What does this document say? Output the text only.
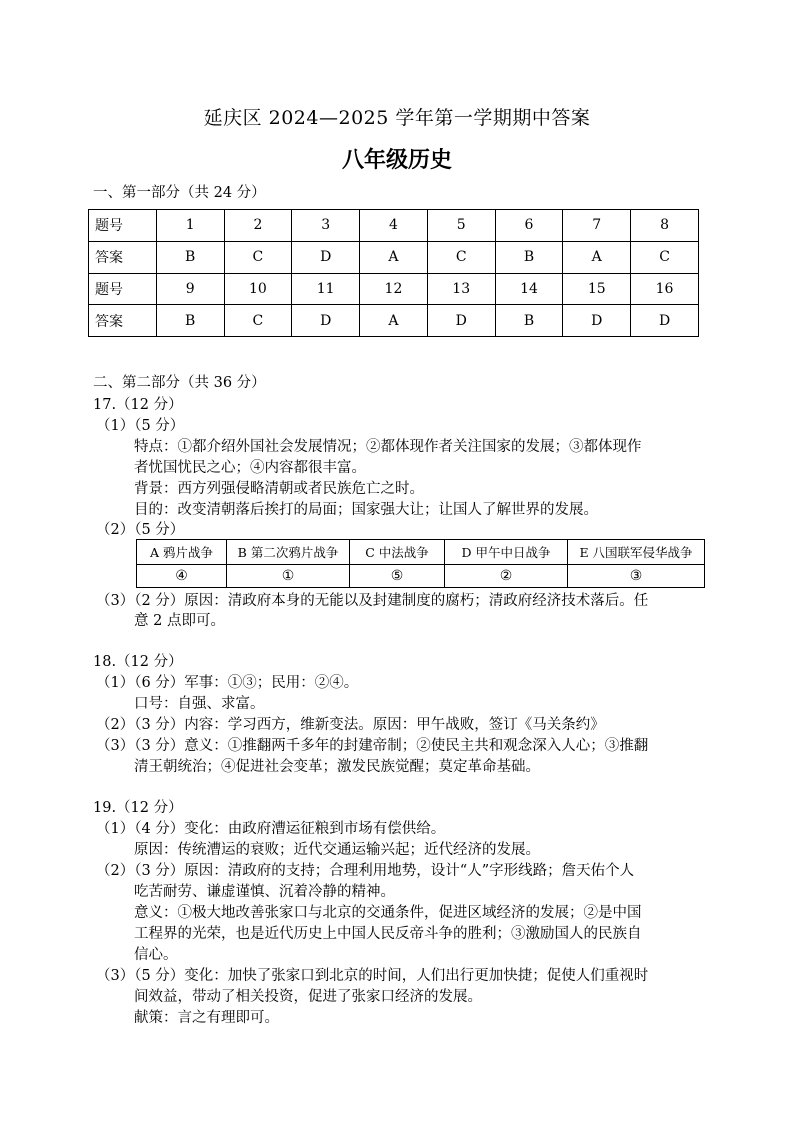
延庆区 2024—2025 学年第一学期期中答案
八年级历史
一、第一部分（共 24 分）
题号	1	2	3	4	5	6	7	8
答案	B	C	D	A	C	B	A	C
题号	9	10	11	12	13	14	15	16
答案	B	C	D	A	D	B	D	D
二、第二部分（共 36 分）
17.（12 分）
（1）（5 分）
特点：①都介绍外国社会发展情况；②都体现作者关注国家的发展；③都体现作
者忧国忧民之心；④内容都很丰富。
背景：西方列强侵略清朝或者民族危亡之时。
目的：改变清朝落后挨打的局面；国家强大让；让国人了解世界的发展。
（2）（5 分）
A 鸦片战争	B 第二次鸦片战争	C 中法战争	D 甲午中日战争	E 八国联军侵华战争
④	①	⑤	②	③
（3）（2 分）原因：清政府本身的无能以及封建制度的腐朽；清政府经济技术落后。任
意 2 点即可。
18.（12 分）
（1）（6 分）军事：①③；民用：②④。
口号：自强、求富。
（2）（3 分）内容：学习西方，维新变法。原因：甲午战败，签订《马关条约》
（3）（3 分）意义：①推翻两千多年的封建帝制；②使民主共和观念深入人心；③推翻
清王朝统治；④促进社会变革；激发民族觉醒；莫定革命基础。
19.（12 分）
（1）（4 分）变化：由政府漕运征粮到市场有偿供给。
原因：传统漕运的衰败；近代交通运输兴起；近代经济的发展。
（2）（3 分）原因：清政府的支持；合理利用地势，设计“人”字形线路；詹天佑个人
吃苦耐劳、谦虚谨慎、沉着冷静的精神。
意义：①极大地改善张家口与北京的交通条件，促进区域经济的发展；②是中国
工程界的光荣，也是近代历史上中国人民反帝斗争的胜利；③激励国人的民族自
信心。
（3）（5 分）变化：加快了张家口到北京的时间，人们出行更加快捷；促使人们重视时
间效益，带动了相关投资，促进了张家口经济的发展。
献策：言之有理即可。
